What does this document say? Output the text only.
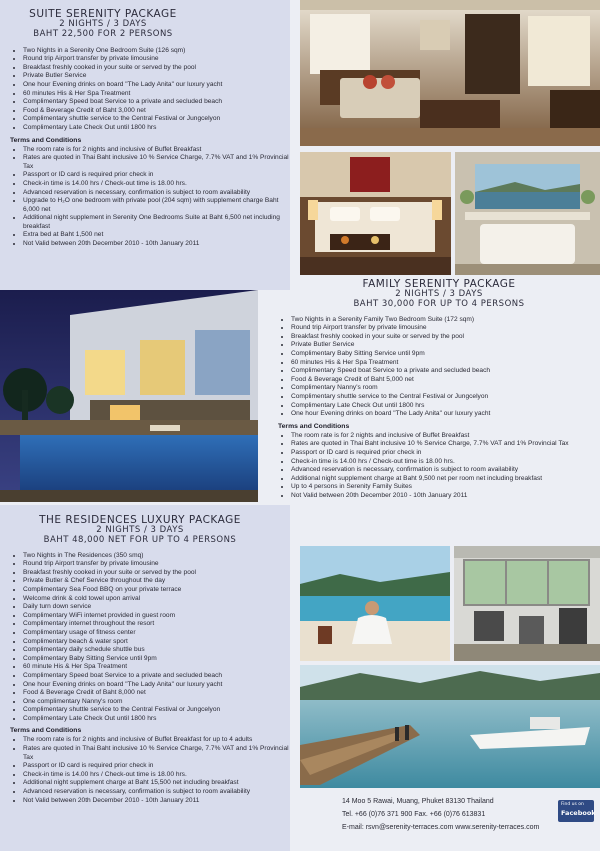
SUITE SERENITY PACKAGE
2 NIGHTS / 3 DAYS
BAHT 22,500 FOR 2 PERSONS
• Two Nights in a Serenity One Bedroom Suite (126 sqm)
• Round trip Airport transfer by private limousine
• Breakfast freshly cooked in your suite or served by the pool
• Private Butler Service
• One hour Evening drinks on board "The Lady Anita" our luxury yacht
• 60 minutes His & Her Spa Treatment
• Complimentary Speed boat Service to a private and secluded beach
• Food & Beverage Credit of Baht 3,000 net
• Complimentary shuttle service to the Central Festival or Jungcelyon
• Complimentary Late Check Out until 1800 hrs
Terms and Conditions
• The room rate is for 2 nights and inclusive of Buffet Breakfast
• Rates are quoted in Thai Baht inclusive 10 % Service Charge, 7.7% VAT and 1% Provincial Tax
• Passport or ID card is required prior check in
• Check-in time is 14.00 hrs / Check-out time is 18.00 hrs.
• Advanced reservation is necessary, confirmation is subject to room availability
• Upgrade to H₂O one bedroom with private pool (204 sqm) with supplement charge Baht 6,000 net
• Additional night supplement in Serenity One Bedrooms Suite at Baht 6,500 net including breakfast
• Extra bed at Baht 1,500 net
• Not Valid between 20th December 2010 - 10th January 2011
FAMILY SERENITY PACKAGE
2 NIGHTS / 3 DAYS
BAHT 30,000 FOR UP TO 4 PERSONS
• Two Nights in a Serenity Family Two Bedroom Suite (172 sqm)
• Round trip Airport transfer by private limousine
• Breakfast freshly cooked in your suite or served by the pool
• Private Butler Service
• Complimentary Baby Sitting Service until 9pm
• 60 minutes His & Her Spa Treatment
• Complimentary Speed boat Service to a private and secluded beach
• Food & Beverage Credit of Baht 5,000 net
• Complimentary Nanny's room
• Complimentary shuttle service to the Central Festival or Jungcelyon
• Complimentary Late Check Out until 1800 hrs
• One hour Evening drinks on board "The Lady Anita" our luxury yacht
Terms and Conditions
• The room rate is for 2 nights and inclusive of Buffet Breakfast
• Rates are quoted in Thai Baht inclusive 10 % Service Charge, 7.7% VAT and 1% Provincial Tax
• Passport or ID card is required prior check in
• Check-in time is 14.00 hrs / Check-out time is 18.00 hrs.
• Advanced reservation is necessary, confirmation is subject to room availability
• Additional night supplement charge at Baht 9,500 net per room net including breakfast
• Up to 4 persons in Serenity Family Suites
• Not Valid between 20th December 2010 - 10th January 2011
THE RESIDENCES LUXURY PACKAGE
2 NIGHTS / 3 DAYS
BAHT 48,000 NET FOR UP TO 4 PERSONS
• Two Nights in The Residences (350 smq)
• Round trip Airport transfer by private limousine
• Breakfast freshly cooked in your suite or served by the pool
• Private Butler & Chef Service throughout the day
• Complimentary Sea Food BBQ on your private terrace
• Welcome drink & cold towel upon arrival
• Daily turn down service
• Complimentary WiFi internet provided in guest room
• Complimentary internet throughout the resort
• Complimentary usage of fitness center
• Complimentary beach & water sport
• Complimentary daily schedule shuttle bus
• Complimentary Baby Sitting Service until 9pm
• 60 minute His & Her Spa Treatment
• Complimentary Speed boat Service to a private and secluded beach
• One hour Evening drinks on board "The Lady Anita" our luxury yacht
• Food & Beverage Credit of Baht 8,000 net
• One complimentary Nanny's room
• Complimentary shuttle service to the Central Festival or Jungcelyon
• Complimentary Late Check Out until 1800 hrs
Terms and Conditions
• The room rate is for 2 nights and inclusive of Buffet Breakfast for up to 4 adults
• Rates are quoted in Thai Baht inclusive 10 % Service Charge, 7.7% VAT and 1% Provincial Tax
• Passport or ID card is required prior check in
• Check-in time is 14.00 hrs / Check-out time is 18.00 hrs.
• Additional night supplement charge at Baht 15,500 net including breakfast
• Advanced reservation is necessary, confirmation is subject to room availability
• Not Valid between 20th December 2010 - 10th January 2011	14 Moo 5 Rawai, Muang, Phuket 83130 Thailand
Tel. +66 (0)76 371 900 Fax. +66 (0)76 613831
E-mail: rsvn@serenity-terraces.com www.serenity-terraces.com
Find us on
Facebook
